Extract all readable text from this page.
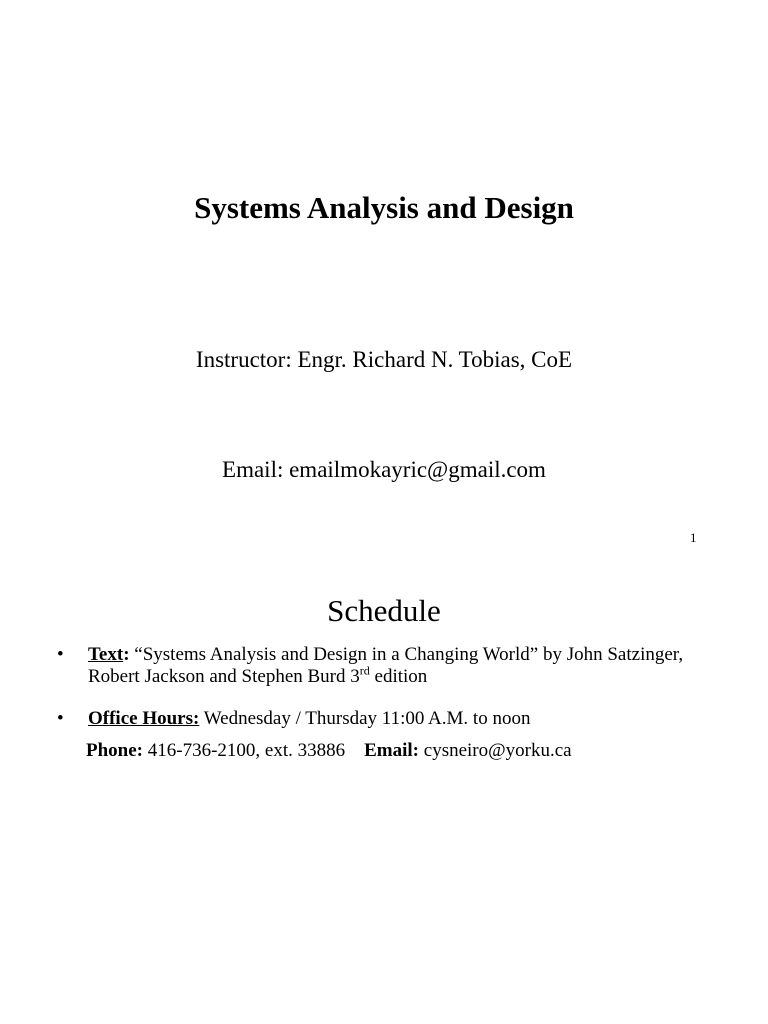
Systems Analysis and Design
Instructor: Engr. Richard N. Tobias, CoE
Email: emailmokayric@gmail.com
1
Schedule
• Text: “Systems Analysis and Design in a Changing World” by John Satzinger, Robert Jackson and Stephen Burd 3rd edition
• Office Hours: Wednesday / Thursday 11:00 A.M. to noon
Phone: 416-736-2100, ext. 33886    Email: cysneiro@yorku.ca
